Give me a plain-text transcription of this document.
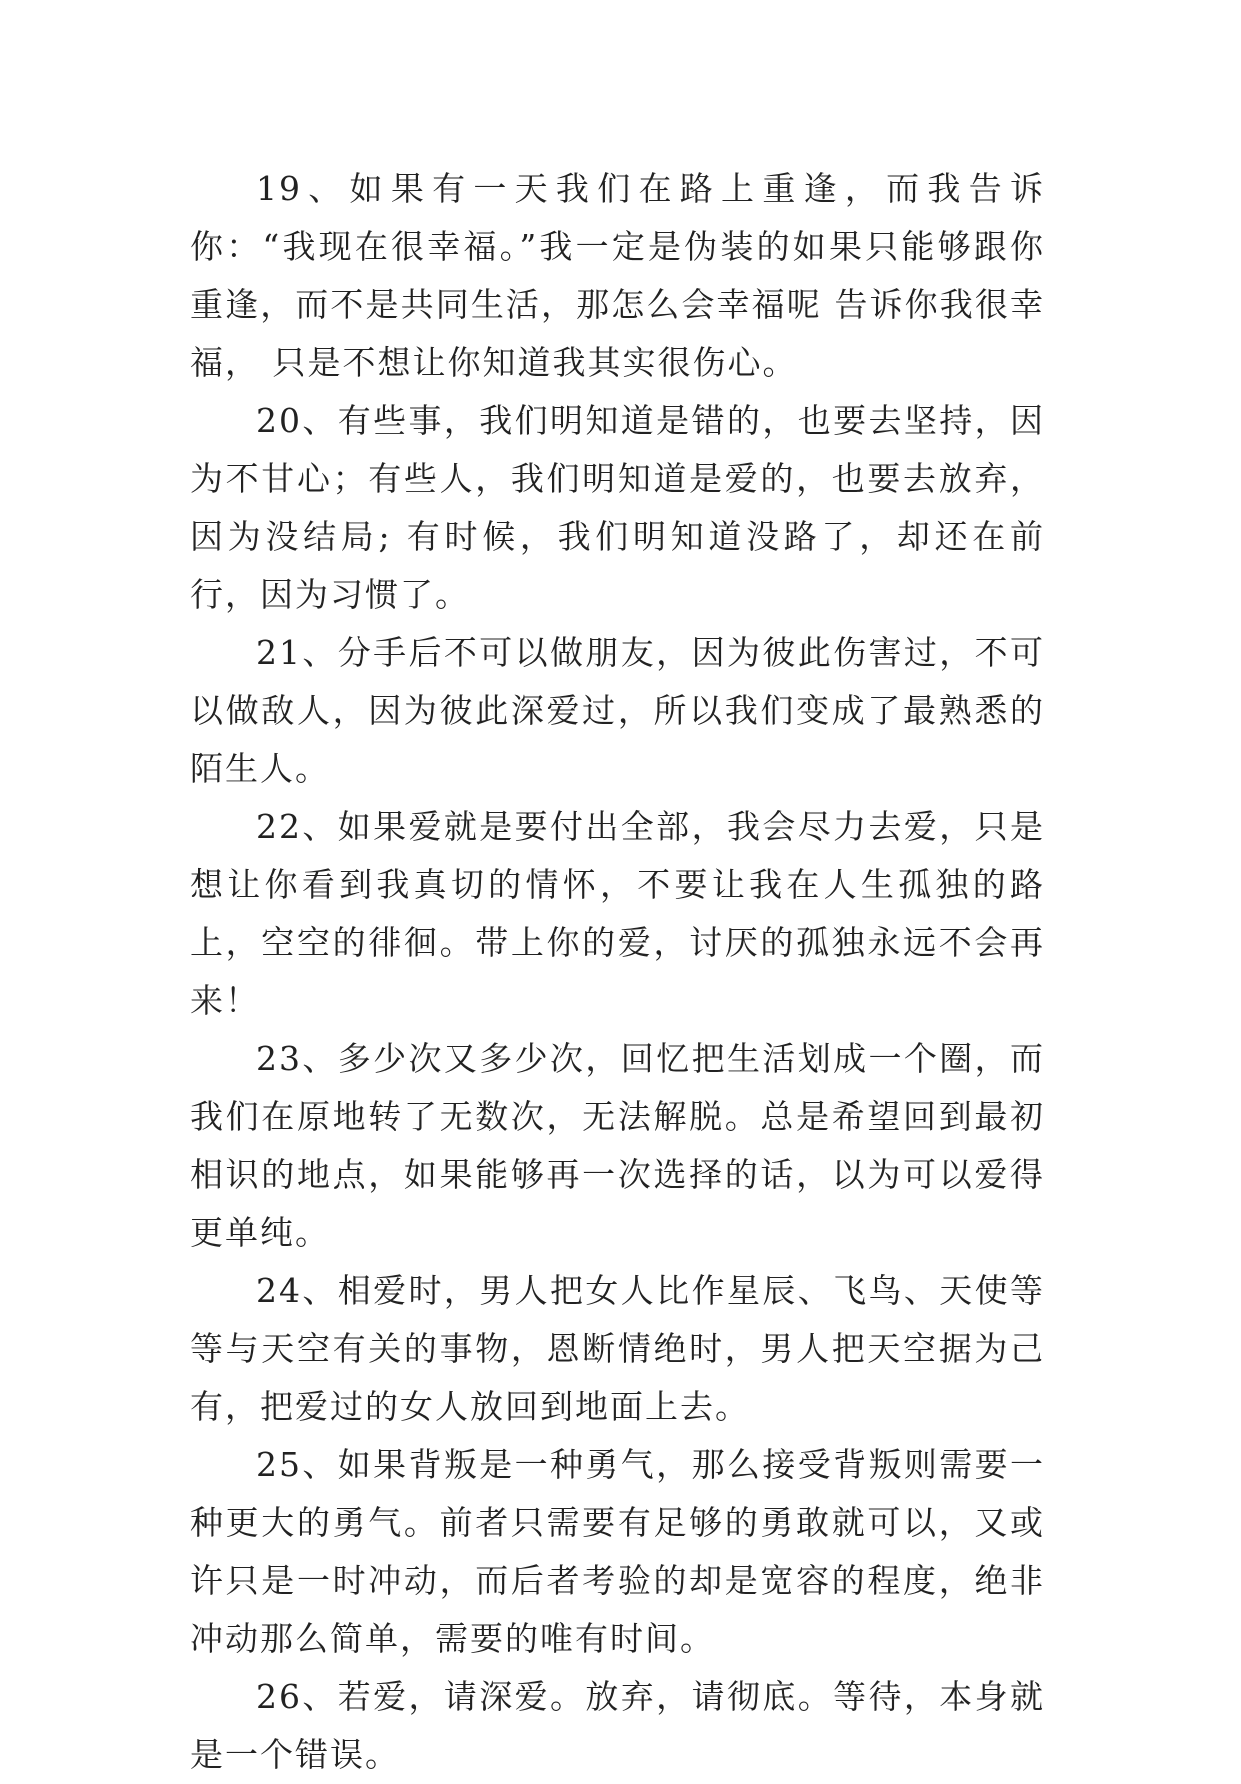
19、如果有一天我们在路上重逢，而我告诉你：“我现在很幸福。”我一定是伪装的如果只能够跟你重逢，而不是共同生活，那怎么会幸福呢 告诉你我很幸福， 只是不想让你知道我其实很伤心。

20、有些事，我们明知道是错的，也要去坚持，因为不甘心；有些人，我们明知道是爱的，也要去放弃，因为没结局; 有时候，我们明知道没路了，却还在前行，因为习惯了。

21、分手后不可以做朋友，因为彼此伤害过，不可以做敌人，因为彼此深爱过，所以我们变成了最熟悉的陌生人。

22、如果爱就是要付出全部，我会尽力去爱，只是想让你看到我真切的情怀，不要让我在人生孤独的路上，空空的徘徊。带上你的爱，讨厌的孤独永远不会再来！

23、多少次又多少次，回忆把生活划成一个圈，而我们在原地转了无数次，无法解脱。总是希望回到最初相识的地点，如果能够再一次选择的话，以为可以爱得更单纯。

24、相爱时，男人把女人比作星辰、飞鸟、天使等等与天空有关的事物，恩断情绝时，男人把天空据为己有，把爱过的女人放回到地面上去。

25、如果背叛是一种勇气，那么接受背叛则需要一种更大的勇气。前者只需要有足够的勇敢就可以，又或许只是一时冲动，而后者考验的却是宽容的程度，绝非冲动那么简单，需要的唯有时间。

26、若爱，请深爱。放弃，请彻底。等待，本身就是一个错误。
